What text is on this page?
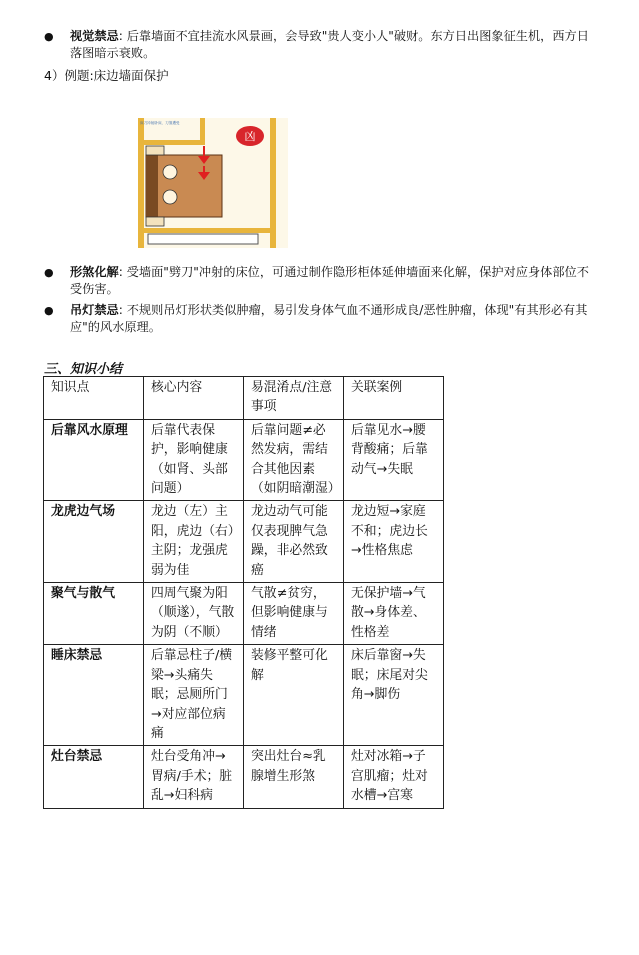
● 视觉禁忌: 后靠墙面不宜挂流水风景画，会导致"贵人变小人"破财。东方日出图象征生机，西方日落图暗示衰败。
4）例题:床边墙面保护
凶
床刀冲射卧床，刀煞遭受
● 形煞化解: 受墙面"劈刀"冲射的床位，可通过制作隐形柜体延伸墙面来化解，保护对应身体部位不受伤害。
● 吊灯禁忌: 不规则吊灯形状类似肿瘤，易引发身体气血不通形成良/恶性肿瘤，体现"有其形必有其应"的风水原理。
三、知识小结
知识点	核心内容	易混淆点/注意事项	关联案例
后靠风水原理	后靠代表保护，影响健康（如肾、头部问题）	后靠问题≠必然发病，需结合其他因素（如阴暗潮湿）	后靠见水→腰背酸痛；后靠动气→失眠
龙虎边气场	龙边（左）主阳，虎边（右）主阴；龙强虎弱为佳	龙边动气可能仅表现脾气急躁，非必然致癌	龙边短→家庭不和；虎边长→性格焦虑
聚气与散气	四周气聚为阳（顺遂），气散为阴（不顺）	气散≠贫穷，但影响健康与情绪	无保护墙→气散→身体差、性格差
睡床禁忌	后靠忌柱子/横梁→头痛失眠；忌厕所门→对应部位病痛	装修平整可化解	床后靠窗→失眠；床尾对尖角→脚伤
灶台禁忌	灶台受角冲→胃病/手术；脏乱→妇科病	突出灶台≈乳腺增生形煞	灶对冰箱→子宫肌瘤；灶对水槽→宫寒
